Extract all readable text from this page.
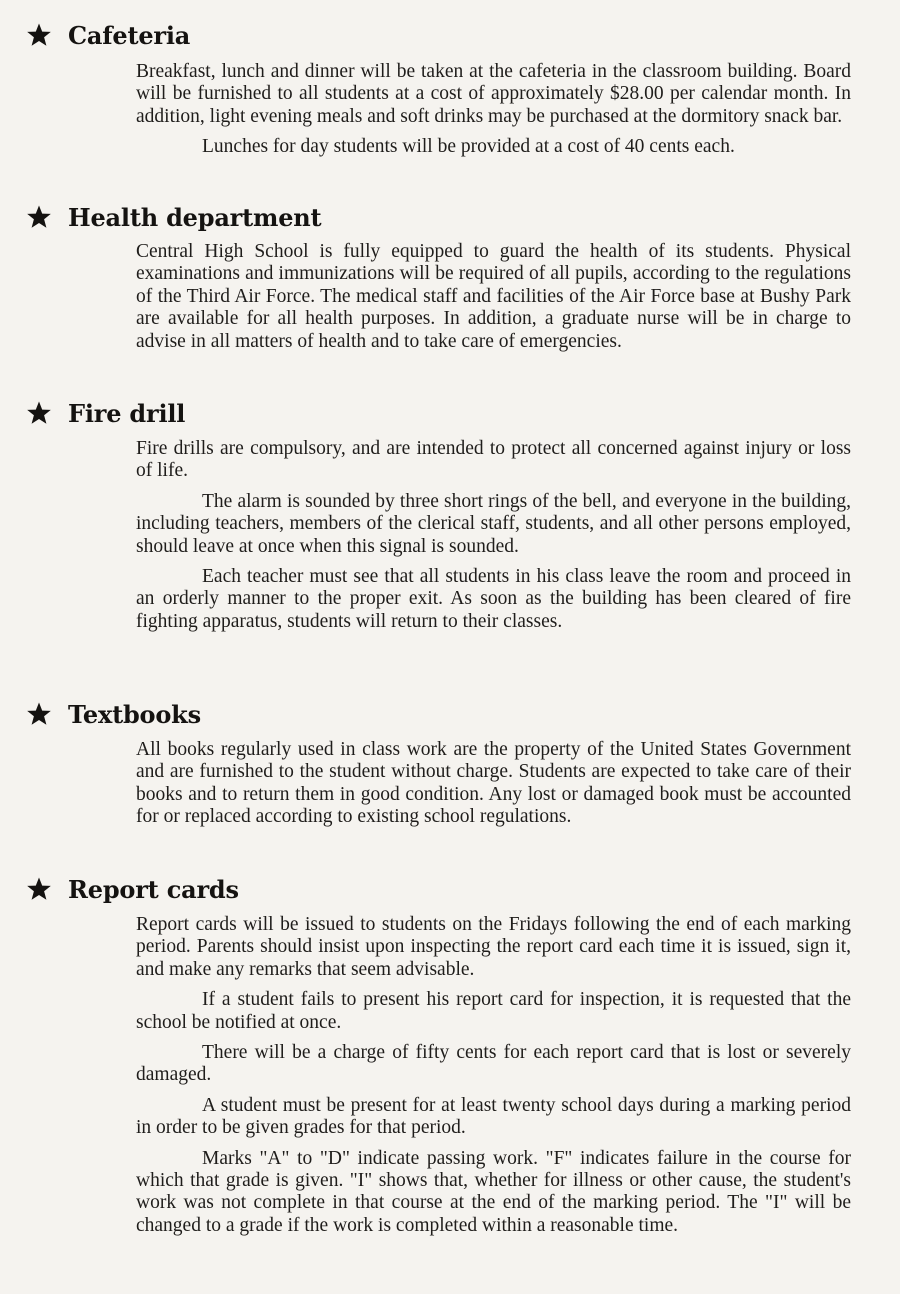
Cafeteria

Breakfast, lunch and dinner will be taken at the cafeteria in the classroom building. Board will be furnished to all students at a cost of approximately $28.00 per calendar month. In addition, light evening meals and soft drinks may be purchased at the dormitory snack bar.

Lunches for day students will be provided at a cost of 40 cents each.

Health department

Central High School is fully equipped to guard the health of its students. Physical examinations and immunizations will be required of all pupils, according to the regulations of the Third Air Force. The medical staff and facilities of the Air Force base at Bushy Park are available for all health purposes. In addition, a graduate nurse will be in charge to advise in all matters of health and to take care of emergencies.

Fire drill

Fire drills are compulsory, and are intended to protect all concerned against injury or loss of life.

The alarm is sounded by three short rings of the bell, and everyone in the building, including teachers, members of the clerical staff, students, and all other persons employed, should leave at once when this signal is sounded.

Each teacher must see that all students in his class leave the room and proceed in an orderly manner to the proper exit. As soon as the building has been cleared of fire fighting apparatus, students will return to their classes.

Textbooks

All books regularly used in class work are the property of the United States Government and are furnished to the student without charge. Students are expected to take care of their books and to return them in good condition. Any lost or damaged book must be accounted for or replaced according to existing school regulations.

Report cards

Report cards will be issued to students on the Fridays following the end of each marking period. Parents should insist upon inspecting the report card each time it is issued, sign it, and make any remarks that seem advisable.

If a student fails to present his report card for inspection, it is requested that the school be notified at once.

There will be a charge of fifty cents for each report card that is lost or severely damaged.

A student must be present for at least twenty school days during a marking period in order to be given grades for that period.

Marks "A" to "D" indicate passing work. "F" indicates failure in the course for which that grade is given. "I" shows that, whether for illness or other cause, the student's work was not complete in that course at the end of the marking period. The "I" will be changed to a grade if the work is completed within a reasonable time.
